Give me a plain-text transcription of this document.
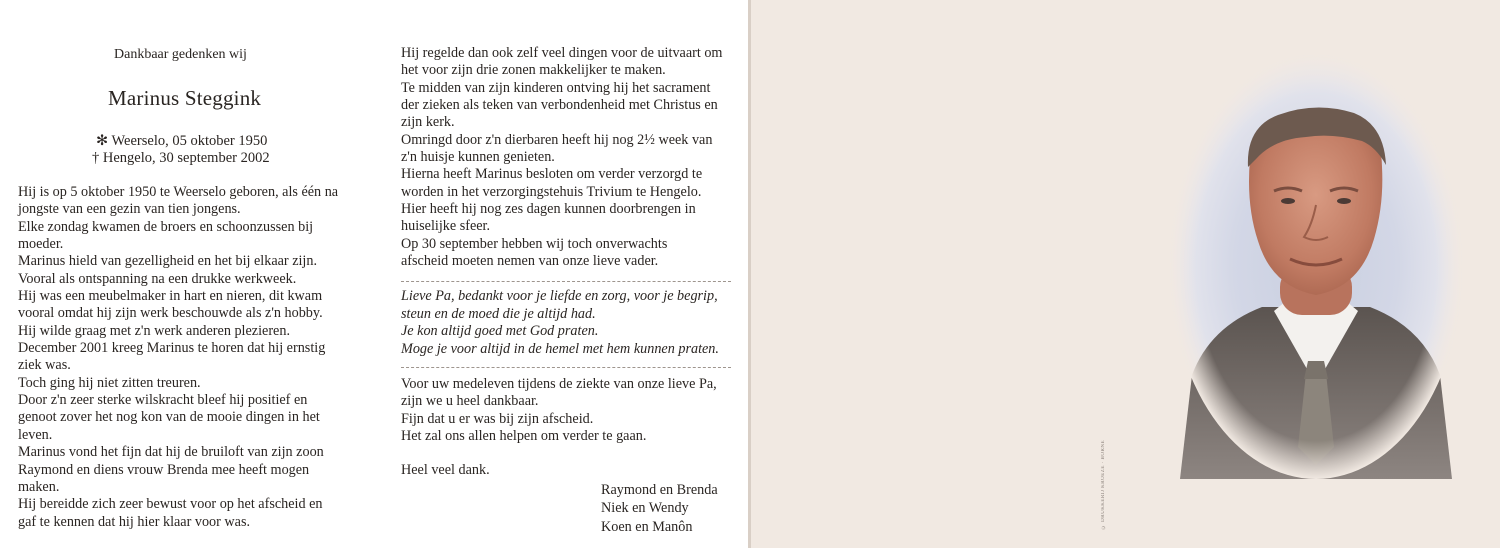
Dankbaar gedenken wij
Marinus Steggink
✻ Weerselo, 05 oktober 1950
† Hengelo, 30 september 2002
Hij is op 5 oktober 1950 te Weerselo geboren, als één na
jongste van een gezin van tien jongens.
Elke zondag kwamen de broers en schoonzussen bij
moeder.
Marinus hield van gezelligheid en het bij elkaar zijn.
Vooral als ontspanning na een drukke werkweek.
Hij was een meubelmaker in hart en nieren, dit kwam
vooral omdat hij zijn werk beschouwde als z'n hobby.
Hij wilde graag met z'n werk anderen plezieren.
December 2001 kreeg Marinus te horen dat hij ernstig
ziek was.
Toch ging hij niet zitten treuren.
Door z'n zeer sterke wilskracht bleef hij positief en
genoot zover het nog kon van de mooie dingen in het
leven.
Marinus vond het fijn dat hij de bruiloft van zijn zoon
Raymond en diens vrouw Brenda mee heeft mogen
maken.
Hij bereidde zich zeer bewust voor op het afscheid en
gaf te kennen dat hij hier klaar voor was.
Hij regelde dan ook zelf veel dingen voor de uitvaart om
het voor zijn drie zonen makkelijker te maken.
Te midden van zijn kinderen ontving hij het sacrament
der zieken als teken van verbondenheid met Christus en
zijn kerk.
Omringd door z'n dierbaren heeft hij nog 2½ week van
z'n huisje kunnen genieten.
Hierna heeft Marinus besloten om verder verzorgd te
worden in het verzorgingstehuis Trivium te Hengelo.
Hier heeft hij nog zes dagen kunnen doorbrengen in
huiselijke sfeer.
Op 30 september hebben wij toch onverwachts
afscheid moeten nemen van onze lieve vader.
Lieve Pa, bedankt voor je liefde en zorg, voor je begrip,
steun en de moed die je altijd had.
Je kon altijd goed met God praten.
Moge je voor altijd in de hemel met hem kunnen praten.
Voor uw medeleven tijdens de ziekte van onze lieve Pa,
zijn we u heel dankbaar.
Fijn dat u er was bij zijn afscheid.
Het zal ons allen helpen om verder te gaan.
Heel veel dank.
Raymond en Brenda
Niek en Wendy
Koen en Manôn	© DRUKKERIJ KROEZE · BORNE
